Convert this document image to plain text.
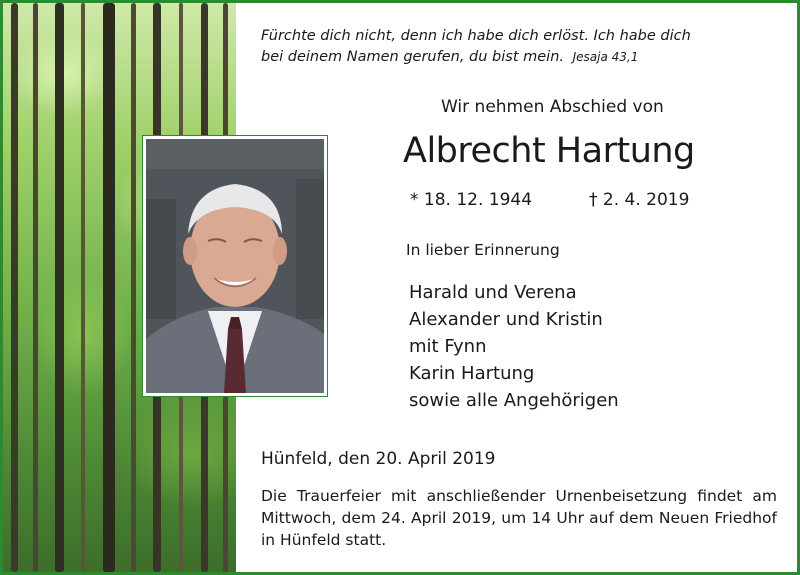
Fürchte dich nicht, denn ich habe dich erlöst. Ich habe dich
bei deinem Namen gerufen, du bist mein. Jesaja 43,1
Wir nehmen Abschied von
Albrecht Hartung
* 18. 12. 1944	† 2. 4. 2019
In lieber Erinnerung
Harald und Verena
Alexander und Kristin
mit Fynn
Karin Hartung
sowie alle Angehörigen
Hünfeld, den 20. April 2019
Die Trauerfeier mit anschließender Urnenbeisetzung findet am Mittwoch, dem 24. April 2019, um 14 Uhr auf dem Neuen Friedhof in Hünfeld statt.
